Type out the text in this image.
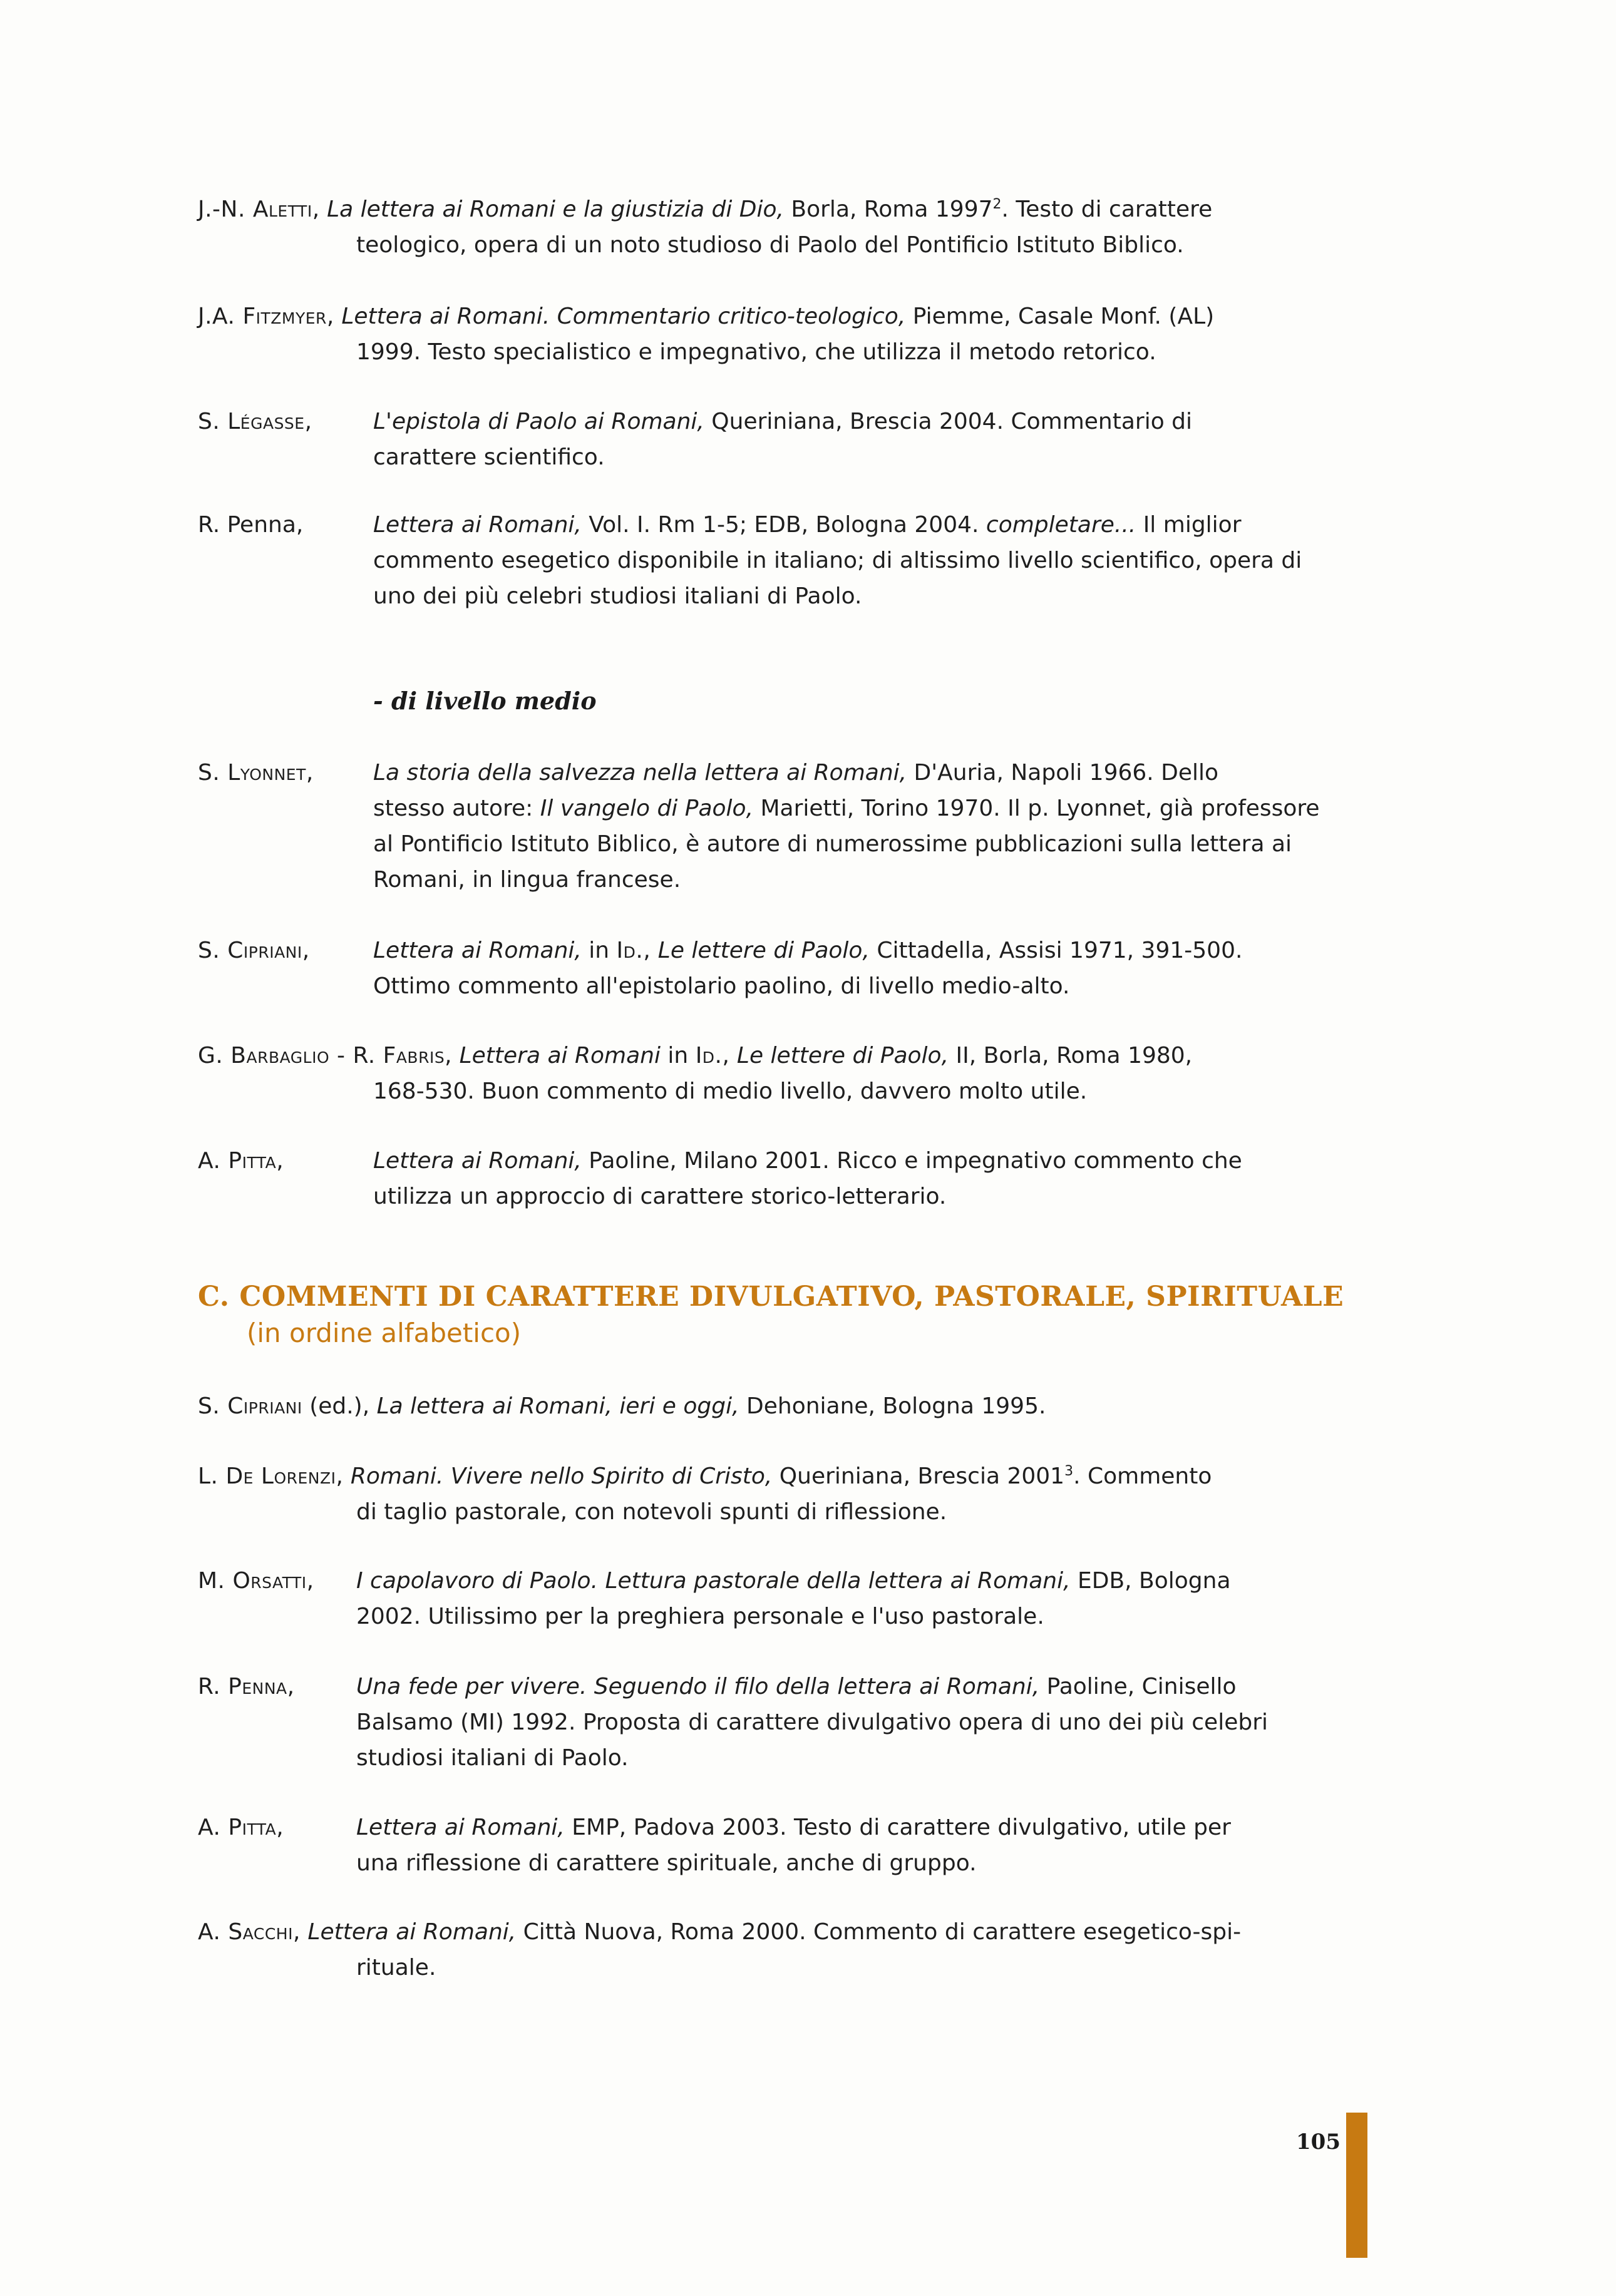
J.-N. Aletti, La lettera ai Romani e la giustizia di Dio, Borla, Roma 1997$^2$. Testo di carattere
teologico, opera di un noto studioso di Paolo del Pontificio Istituto Biblico.
J.A. Fitzmyer, Lettera ai Romani. Commentario critico-teologico, Piemme, Casale Monf. (AL)
1999. Testo specialistico e impegnativo, che utilizza il metodo retorico.
S. Légasse,	L'epistola di Paolo ai Romani, Queriniana, Brescia 2004. Commentario di
carattere scientifico.
R. Penna,	Lettera ai Romani, Vol. I. Rm 1-5; EDB, Bologna 2004. completare... Il miglior
commento esegetico disponibile in italiano; di altissimo livello scientifico, opera di uno dei più celebri studiosi italiani di Paolo.
- di livello medio
S. Lyonnet,	La storia della salvezza nella lettera ai Romani, D'Auria, Napoli 1966. Dello
stesso autore: Il vangelo di Paolo, Marietti, Torino 1970. Il p. Lyonnet, già professore al Pontificio Istituto Biblico, è autore di numerossime pubblicazioni sulla lettera ai Romani, in lingua francese.
S. Cipriani,	Lettera ai Romani, in Id., Le lettere di Paolo, Cittadella, Assisi 1971, 391-500.
Ottimo commento all'epistolario paolino, di livello medio-alto.
G. Barbaglio - R. Fabris, Lettera ai Romani in Id., Le lettere di Paolo, II, Borla, Roma 1980,
168-530. Buon commento di medio livello, davvero molto utile.
A. Pitta,	Lettera ai Romani, Paoline, Milano 2001. Ricco e impegnativo commento che
utilizza un approccio di carattere storico-letterario.
C. COMMENTI DI CARATTERE DIVULGATIVO, PASTORALE, SPIRITUALE
(in ordine alfabetico)
S. Cipriani (ed.), La lettera ai Romani, ieri e oggi, Dehoniane, Bologna 1995.
L. De Lorenzi, Romani. Vivere nello Spirito di Cristo, Queriniana, Brescia 2001$^3$. Commento
di taglio pastorale, con notevoli spunti di riflessione.
M. Orsatti, I capolavoro di Paolo. Lettura pastorale della lettera ai Romani, EDB, Bologna
2002. Utilissimo per la preghiera personale e l'uso pastorale.
R. Penna,	Una fede per vivere. Seguendo il filo della lettera ai Romani, Paoline, Cinisello
Balsamo (MI) 1992. Proposta di carattere divulgativo opera di uno dei più celebri studiosi italiani di Paolo.
A. Pitta,	Lettera ai Romani, EMP, Padova 2003. Testo di carattere divulgativo, utile per
una riflessione di carattere spirituale, anche di gruppo.
A. Sacchi, Lettera ai Romani, Città Nuova, Roma 2000. Commento di carattere esegetico-spi-
rituale.
105
